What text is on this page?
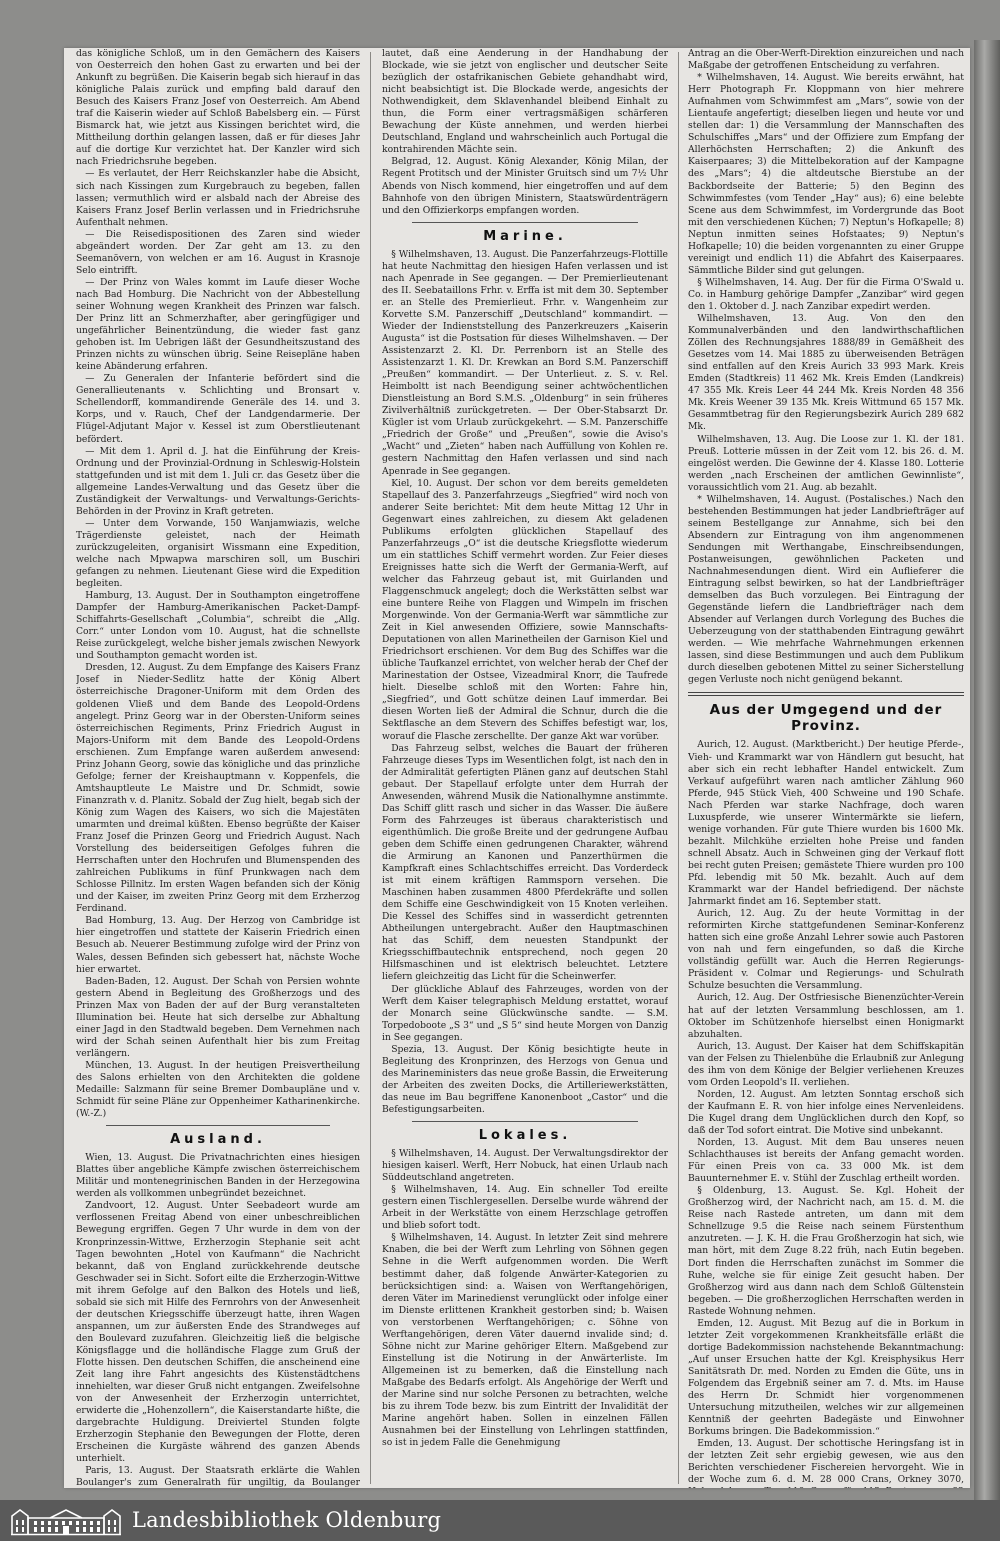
das königliche Schloß, um in den Gemächern des Kaisers von Oesterreich den hohen Gast zu erwarten und bei der Ankunft zu begrüßen. Die Kaiserin begab sich hierauf in das königliche Palais zurück und empfing bald darauf den Besuch des Kaisers Franz Josef von Oesterreich. Am Abend traf die Kaiserin wieder auf Schloß Babelsberg ein. — Fürst Bismarck hat, wie jetzt aus Kissingen berichtet wird, die Mittheilung dorthin gelangen lassen, daß er für dieses Jahr auf die dortige Kur verzichtet hat. Der Kanzler wird sich nach Friedrichsruhe begeben.

— Es verlautet, der Herr Reichskanzler habe die Absicht, sich nach Kissingen zum Kurgebrauch zu begeben, fallen lassen; vermuthlich wird er alsbald nach der Abreise des Kaisers Franz Josef Berlin verlassen und in Friedrichsruhe Aufenthalt nehmen.

— Die Reisedispositionen des Zaren sind wieder abgeändert worden. Der Zar geht am 13. zu den Seemanövern, von welchen er am 16. August in Krasnoje Selo eintrifft.

— Der Prinz von Wales kommt im Laufe dieser Woche nach Bad Homburg. Die Nachricht von der Abbestellung seiner Wohnung wegen Krankheit des Prinzen war falsch. Der Prinz litt an Schmerzhafter, aber geringfügiger und ungefährlicher Beinentzündung, die wieder fast ganz gehoben ist. Im Uebrigen läßt der Gesundheitszustand des Prinzen nichts zu wünschen übrig. Seine Reisepläne haben keine Abänderung erfahren.

— Zu Generalen der Infanterie befördert sind die Generallieutenants v. Schlichting und Bronsart v. Schellendorff, kommandirende Generäle des 14. und 3. Korps, und v. Rauch, Chef der Landgendarmerie. Der Flügel-Adjutant Major v. Kessel ist zum Oberstlieutenant befördert.

— Mit dem 1. April d. J. hat die Einführung der Kreis-Ordnung und der Provinzial-Ordnung in Schleswig-Holstein stattgefunden und ist mit dem 1. Juli cr. das Gesetz über die allgemeine Landes-Verwaltung und das Gesetz über die Zuständigkeit der Verwaltungs- und Verwaltungs-Gerichts-Behörden in der Provinz in Kraft getreten.

— Unter dem Vorwande, 150 Wanjamwiazis, welche Trägerdienste geleistet, nach der Heimath zurückzugeleiten, organisirt Wissmann eine Expedition, welche nach Mpwapwa marschiren soll, um Buschiri gefangen zu nehmen. Lieutenant Giese wird die Expedition begleiten.

Hamburg, 13. August. Der in Southampton eingetroffene Dampfer der Hamburg-Amerikanischen Packet-Dampf-Schiffahrts-Gesellschaft „Columbia“, schreibt die „Allg. Corr.“ unter London vom 10. August, hat die schnellste Reise zurückgelegt, welche bisher jemals zwischen Newyork und Southampton gemacht worden ist.

Dresden, 12. August. Zu dem Empfange des Kaisers Franz Josef in Nieder-Sedlitz hatte der König Albert österreichische Dragoner-Uniform mit dem Orden des goldenen Vließ und dem Bande des Leopold-Ordens angelegt. Prinz Georg war in der Obersten-Uniform seines österreichischen Regiments, Prinz Friedrich August in Majors-Uniform mit dem Bande des Leopold-Ordens erschienen. Zum Empfange waren außerdem anwesend: Prinz Johann Georg, sowie das königliche und das prinzliche Gefolge; ferner der Kreishauptmann v. Koppenfels, die Amtshauptleute Le Maistre und Dr. Schmidt, sowie Finanzrath v. d. Planitz. Sobald der Zug hielt, begab sich der König zum Wagen des Kaisers, wo sich die Majestäten umarmten und dreimal küßten. Ebenso begrüßte der Kaiser Franz Josef die Prinzen Georg und Friedrich August. Nach Vorstellung des beiderseitigen Gefolges fuhren die Herrschaften unter den Hochrufen und Blumenspenden des zahlreichen Publikums in fünf Prunkwagen nach dem Schlosse Pillnitz. Im ersten Wagen befanden sich der König und der Kaiser, im zweiten Prinz Georg mit dem Erzherzog Ferdinand.

Bad Homburg, 13. Aug. Der Herzog von Cambridge ist hier eingetroffen und stattete der Kaiserin Friedrich einen Besuch ab. Neuerer Bestimmung zufolge wird der Prinz von Wales, dessen Befinden sich gebessert hat, nächste Woche hier erwartet.

Baden-Baden, 12. August. Der Schah von Persien wohnte gestern Abend in Begleitung des Großherzogs und des Prinzen Max von Baden der auf der Burg veranstalteten Illumination bei. Heute hat sich derselbe zur Abhaltung einer Jagd in den Stadtwald begeben. Dem Vernehmen nach wird der Schah seinen Aufenthalt hier bis zum Freitag verlängern.

München, 13. August. In der heutigen Preisvertheilung des Salons erhielten von den Architekten die goldene Medaille: Salzmann für seine Bremer Dombaupläne und v. Schmidt für seine Pläne zur Oppenheimer Katharinenkirche. (W.-Z.)

Ausland.

Wien, 13. August. Die Privatnachrichten eines hiesigen Blattes über angebliche Kämpfe zwischen österreichischem Militär und montenegrinischen Banden in der Herzegowina werden als vollkommen unbegründet bezeichnet.

Zandvoort, 12. August. Unter Seebadeort wurde am verflossenen Freitag Abend von einer unbeschreiblichen Bewegung ergriffen. Gegen 7 Uhr wurde in dem von der Kronprinzessin-Wittwe, Erzherzogin Stephanie seit acht Tagen bewohnten „Hotel von Kaufmann“ die Nachricht bekannt, daß von England zurückkehrende deutsche Geschwader sei in Sicht. Sofort eilte die Erzherzogin-Wittwe mit ihrem Gefolge auf den Balkon des Hotels und ließ, sobald sie sich mit Hilfe des Fernrohrs von der Anwesenheit der deutschen Kriegsschiffe überzeugt hatte, ihren Wagen anspannen, um zur äußersten Ende des Strandweges auf den Boulevard zuzufahren. Gleichzeitig ließ die belgische Königsflagge und die holländische Flagge zum Gruß der Flotte hissen. Den deutschen Schiffen, die anscheinend eine Zeit lang ihre Fahrt angesichts des Küstenstädtchens innehielten, war dieser Gruß nicht entgangen. Zweifelsohne von der Anwesenheit der Erzherzogin unterrichtet, erwiderte die „Hohenzollern“, die Kaiserstandarte hißte, die dargebrachte Huldigung. Dreiviertel Stunden folgte Erzherzogin Stephanie den Bewegungen der Flotte, deren Erscheinen die Kurgäste während des ganzen Abends unterhielt.

Paris, 13. August. Der Staatsrath erklärte die Wahlen Boulanger's zum Generalrath für ungiltig, da Boulanger

lautet, daß eine Aenderung in der Handhabung der Blockade, wie sie jetzt von englischer und deutscher Seite bezüglich der ostafrikanischen Gebiete gehandhabt wird, nicht beabsichtigt ist. Die Blockade werde, angesichts der Nothwendigkeit, dem Sklavenhandel bleibend Einhalt zu thun, die Form einer vertragsmäßigen schärferen Bewachung der Küste annehmen, und werden hierbei Deutschland, England und wahrscheinlich auch Portugal die kontrahirenden Mächte sein.

Belgrad, 12. August. König Alexander, König Milan, der Regent Protitsch und der Minister Gruitsch sind um 7½ Uhr Abends von Nisch kommend, hier eingetroffen und auf dem Bahnhofe von den übrigen Ministern, Staatswürdenträgern und den Offizierkorps empfangen worden.

Marine.

§ Wilhelmshaven, 13. August. Die Panzerfahrzeugs-Flottille hat heute Nachmittag den hiesigen Hafen verlassen und ist nach Apenrade in See gegangen. — Der Premierlieutenant des II. Seebataillons Frhr. v. Erffa ist mit dem 30. September er. an Stelle des Premierlieut. Frhr. v. Wangenheim zur Korvette S.M. Panzerschiff „Deutschland“ kommandirt. — Wieder der Indienststellung des Panzerkreuzers „Kaiserin Augusta“ ist die Postsation für dieses Wilhelmshaven. — Der Assistenzarzt 2. Kl. Dr. Perrenborn ist an Stelle des Assistenzarzt 1. Kl. Dr. Krewkan an Bord S.M. Panzerschiff „Preußen“ kommandirt. — Der Unterlieut. z. S. v. Rel. Heimboltt ist nach Beendigung seiner achtwöchentlichen Dienstleistung an Bord S.M.S. „Oldenburg“ in sein früheres Zivilverhältniß zurückgetreten. — Der Ober-Stabsarzt Dr. Kügler ist vom Urlaub zurückgekehrt. — S.M. Panzerschiffe „Friedrich der Große“ und „Preußen“, sowie die Aviso's „Wacht“ und „Zieten“ haben nach Auffüllung von Kohlen re. gestern Nachmittag den Hafen verlassen und sind nach Apenrade in See gegangen.

Kiel, 10. August. Der schon vor dem bereits gemeldeten Stapellauf des 3. Panzerfahrzeugs „Siegfried“ wird noch von anderer Seite berichtet: Mit dem heute Mittag 12 Uhr in Gegenwart eines zahlreichen, zu diesem Akt geladenen Publikums erfolgten glücklichen Stapellauf des Panzerfahrzeugs „O“ ist die deutsche Kriegsflotte wiederum um ein stattliches Schiff vermehrt worden. Zur Feier dieses Ereignisses hatte sich die Werft der Germania-Werft, auf welcher das Fahrzeug gebaut ist, mit Guirlanden und Flaggenschmuck angelegt; doch die Werkstätten selbst war eine buntere Reihe von Flaggen und Wimpeln im frischen Morgenwinde. Von der Germania-Werft war sämmtliche zur Zeit in Kiel anwesenden Offiziere, sowie Mannschafts-Deputationen von allen Marinetheilen der Garnison Kiel und Friedrichsort erschienen. Vor dem Bug des Schiffes war die übliche Taufkanzel errichtet, von welcher herab der Chef der Marinestation der Ostsee, Vizeadmiral Knorr, die Taufrede hielt. Dieselbe schloß mit den Worten: Fahre hin, „Siegfried“, und Gott schütze deinen Lauf immerdar. Bei diesen Worten ließ der Admiral die Schnur, durch die die Sektflasche an dem Stevern des Schiffes befestigt war, los, worauf die Flasche zerschellte. Der ganze Akt war vorüber.

Das Fahrzeug selbst, welches die Bauart der früheren Fahrzeuge dieses Typs im Wesentlichen folgt, ist nach den in der Admiralität gefertigten Plänen ganz auf deutschen Stahl gebaut. Der Stapellauf erfolgte unter dem Hurrah der Anwesenden, während Musik die Nationalhymne anstimmte. Das Schiff glitt rasch und sicher in das Wasser. Die äußere Form des Fahrzeuges ist überaus charakteristisch und eigenthümlich. Die große Breite und der gedrungene Aufbau geben dem Schiffe einen gedrungenen Charakter, während die Armirung an Kanonen und Panzerthürmen die Kampfkraft eines Schlachtschiffes erreicht. Das Vorderdeck ist mit einem kräftigen Rammsporn versehen. Die Maschinen haben zusammen 4800 Pferdekräfte und sollen dem Schiffe eine Geschwindigkeit von 15 Knoten verleihen. Die Kessel des Schiffes sind in wasserdicht getrennten Abtheilungen untergebracht. Außer den Hauptmaschinen hat das Schiff, dem neuesten Standpunkt der Kriegsschiffbautechnik entsprechend, noch gegen 20 Hilfsmaschinen und ist elektrisch beleuchtet. Letztere liefern gleichzeitig das Licht für die Scheinwerfer.

Der glückliche Ablauf des Fahrzeuges, worden von der Werft dem Kaiser telegraphisch Meldung erstattet, worauf der Monarch seine Glückwünsche sandte. — S.M. Torpedoboote „S 3“ und „S 5“ sind heute Morgen von Danzig in See gegangen.

Spezia, 13. August. Der König besichtigte heute in Begleitung des Kronprinzen, des Herzogs von Genua und des Marineministers das neue große Bassin, die Erweiterung der Arbeiten des zweiten Docks, die Artilleriewerkstätten, das neue im Bau begriffene Kanonenboot „Castor“ und die Befestigungsarbeiten.

Lokales.

§ Wilhelmshaven, 14. August. Der Verwaltungsdirektor der hiesigen kaiserl. Werft, Herr Nobuck, hat einen Urlaub nach Süddeutschland angetreten.

§ Wilhelmshaven, 14. Aug. Ein schneller Tod ereilte gestern einen Tischlergesellen. Derselbe wurde während der Arbeit in der Werkstätte von einem Herzschlage getroffen und blieb sofort todt.

§ Wilhelmshaven, 14. August. In letzter Zeit sind mehrere Knaben, die bei der Werft zum Lehrling von Söhnen gegen Sehne in die Werft aufgenommen worden. Die Werft bestimmt daher, daß folgende Anwärter-Kategorien zu berücksichtigen sind: a. Waisen von Werftangehörigen, deren Väter im Marinedienst verunglückt oder infolge einer im Dienste erlittenen Krankheit gestorben sind; b. Waisen von verstorbenen Werftangehörigen; c. Söhne von Werftangehörigen, deren Väter dauernd invalide sind; d. Söhne nicht zur Marine gehöriger Eltern. Maßgebend zur Einstellung ist die Notirung in der Anwärterliste. Im Allgemeinen ist zu bemerken, daß die Einstellung nach Maßgabe des Bedarfs erfolgt. Als Angehörige der Werft und der Marine sind nur solche Personen zu betrachten, welche bis zu ihrem Tode bezw. bis zum Eintritt der Invalidität der Marine angehört haben. Sollen in einzelnen Fällen Ausnahmen bei der Einstellung von Lehrlingen stattfinden, so ist in jedem Falle die Genehmigung

Antrag an die Ober-Werft-Direktion einzureichen und nach Maßgabe der getroffenen Entscheidung zu verfahren.

* Wilhelmshaven, 14. August. Wie bereits erwähnt, hat Herr Photograph Fr. Kloppmann von hier mehrere Aufnahmen vom Schwimmfest am „Mars“, sowie von der Lientaufe angefertigt; dieselben liegen und heute vor und stellen dar: 1) die Versammlung der Mannschaften des Schulschiffes „Mars“ und der Offiziere zum Empfang der Allerhöchsten Herrschaften; 2) die Ankunft des Kaiserpaares; 3) die Mittelbekoration auf der Kampagne des „Mars“; 4) die altdeutsche Bierstube an der Backbordseite der Batterie; 5) den Beginn des Schwimmfestes (vom Tender „Hay“ aus); 6) eine belebte Scene aus dem Schwimmfest, im Vordergrunde das Boot mit den verschiedenen Küchen; 7) Neptun's Hofkapelle; 8) Neptun inmitten seines Hofstaates; 9) Neptun's Hofkapelle; 10) die beiden vorgenannten zu einer Gruppe vereinigt und endlich 11) die Abfahrt des Kaiserpaares. Sämmtliche Bilder sind gut gelungen.

§ Wilhelmshaven, 14. Aug. Der für die Firma O'Swald u. Co. in Hamburg gehörige Dampfer „Zanzibar“ wird gegen den 1. Oktober d. J. nach Zanzibar expedirt werden.

Wilhelmshaven, 13. Aug. Von den den Kommunalverbänden und den landwirthschaftlichen Zöllen des Rechnungsjahres 1888/89 in Gemäßheit des Gesetzes vom 14. Mai 1885 zu überweisenden Beträgen sind entfallen auf den Kreis Aurich 33 993 Mark. Kreis Emden (Stadtkreis) 11 462 Mk. Kreis Emden (Landkreis) 47 355 Mk. Kreis Leer 44 244 Mk. Kreis Norden 48 356 Mk. Kreis Weener 39 135 Mk. Kreis Wittmund 65 157 Mk. Gesammtbetrag für den Regierungsbezirk Aurich 289 682 Mk.

Wilhelmshaven, 13. Aug. Die Loose zur 1. Kl. der 181. Preuß. Lotterie müssen in der Zeit vom 12. bis 26. d. M. eingelöst werden. Die Gewinne der 4. Klasse 180. Lotterie werden „nach Erscheinen der amtlichen Gewinnliste“, voraussichtlich vom 21. Aug. ab bezahlt.

* Wilhelmshaven, 14. August. (Postalisches.) Nach den bestehenden Bestimmungen hat jeder Landbriefträger auf seinem Bestellgange zur Annahme, sich bei den Absendern zur Eintragung von ihm angenommenen Sendungen mit Werthangabe, Einschreibsendungen, Postanweisungen, gewöhnlichen Packeten und Nachnahmesendungen dient. Wird ein Auflieferer die Eintragung selbst bewirken, so hat der Landbriefträger demselben das Buch vorzulegen. Bei Eintragung der Gegenstände liefern die Landbriefträger nach dem Absender auf Verlangen durch Vorlegung des Buches die Ueberzeugung von der statthabenden Eintragung gewährt werden. — Wie mehrfache Wahrnehmungen erkennen lassen, sind diese Bestimmungen und auch dem Publikum durch dieselben gebotenen Mittel zu seiner Sicherstellung gegen Verluste noch nicht genügend bekannt.

Aus der Umgegend und der Provinz.

Aurich, 12. August. (Marktbericht.) Der heutige Pferde-, Vieh- und Krammarkt war von Händlern gut besucht, hat aber sich ein recht lebhafter Handel entwickelt. Zum Verkauf aufgeführt waren nach amtlicher Zählung 960 Pferde, 945 Stück Vieh, 400 Schweine und 190 Schafe. Nach Pferden war starke Nachfrage, doch waren Luxuspferde, wie unserer Wintermärkte sie liefern, wenige vorhanden. Für gute Thiere wurden bis 1600 Mk. bezahlt. Milchkühe erzielten hohe Preise und fanden schnell Absatz. Auch in Schweinen ging der Verkauf flott bei recht guten Preisen; gemästete Thiere wurden pro 100 Pfd. lebendig mit 50 Mk. bezahlt. Auch auf dem Krammarkt war der Handel befriedigend. Der nächste Jahrmarkt findet am 16. September statt.

Aurich, 12. Aug. Zu der heute Vormittag in der reformirten Kirche stattgefundenen Seminar-Konferenz hatten sich eine große Anzahl Lehrer sowie auch Pastoren von nah und fern eingefunden, so daß die Kirche vollständig gefüllt war. Auch die Herren Regierungs-Präsident v. Colmar und Regierungs- und Schulrath Schulze besuchten die Versammlung.

Aurich, 12. Aug. Der Ostfriesische Bienenzüchter-Verein hat auf der letzten Versammlung beschlossen, am 1. Oktober im Schützenhofe hierselbst einen Honigmarkt abzuhalten.

Aurich, 13. August. Der Kaiser hat dem Schiffskapitän van der Felsen zu Thielenbühe die Erlaubniß zur Anlegung des ihm von dem Könige der Belgier verliehenen Kreuzes vom Orden Leopold's II. verliehen.

Norden, 12. August. Am letzten Sonntag erschoß sich der Kaufmann E. R. von hier infolge eines Nervenleidens. Die Kugel drang dem Unglücklichen durch den Kopf, so daß der Tod sofort eintrat. Die Motive sind unbekannt.

Norden, 13. August. Mit dem Bau unseres neuen Schlachthauses ist bereits der Anfang gemacht worden. Für einen Preis von ca. 33 000 Mk. ist dem Bauunternehmer E. v. Stühl der Zuschlag ertheilt worden.

§ Oldenburg, 13. August. Se. Kgl. Hoheit der Großherzog wird, der Nachricht nach, am 15. d. M. die Reise nach Rastede antreten, um dann mit dem Schnellzuge 9.5 die Reise nach seinem Fürstenthum anzutreten. — J. K. H. die Frau Großherzogin hat sich, wie man hört, mit dem Zuge 8.22 früh, nach Eutin begeben. Dort finden die Herrschaften zunächst im Sommer die Ruhe, welche sie für einige Zeit gesucht haben. Der Großherzog wird aus dann nach dem Schloß Gültenstein begeben. — Die großherzoglichen Herrschaften werden in Rastede Wohnung nehmen.

Emden, 12. August. Mit Bezug auf die in Borkum in letzter Zeit vorgekommenen Krankheitsfälle erläßt die dortige Badekommission nachstehende Bekanntmachung: „Auf unser Ersuchen hatte der Kgl. Kreisphysikus Herr Sanitätsrath Dr. med. Norden zu Emden die Güte, uns in Folgendem das Ergebniß seiner am 7. d. Mts. im Hause des Herrn Dr. Schmidt hier vorgenommenen Untersuchung mitzutheilen, welches wir zur allgemeinen Kenntniß der geehrten Badegäste und Einwohner Borkums bringen. Die Badekommission.“

Emden, 13. August. Der schottische Heringsfang ist in der letzten Zeit sehr ergiebig gewesen, wie aus den Berichten verschiedener Fischereien hervorgeht. Wie in der Woche zum 6. d. M. 28 000 Crans, Orkney 3070,

Landesbibliothek Oldenburg
